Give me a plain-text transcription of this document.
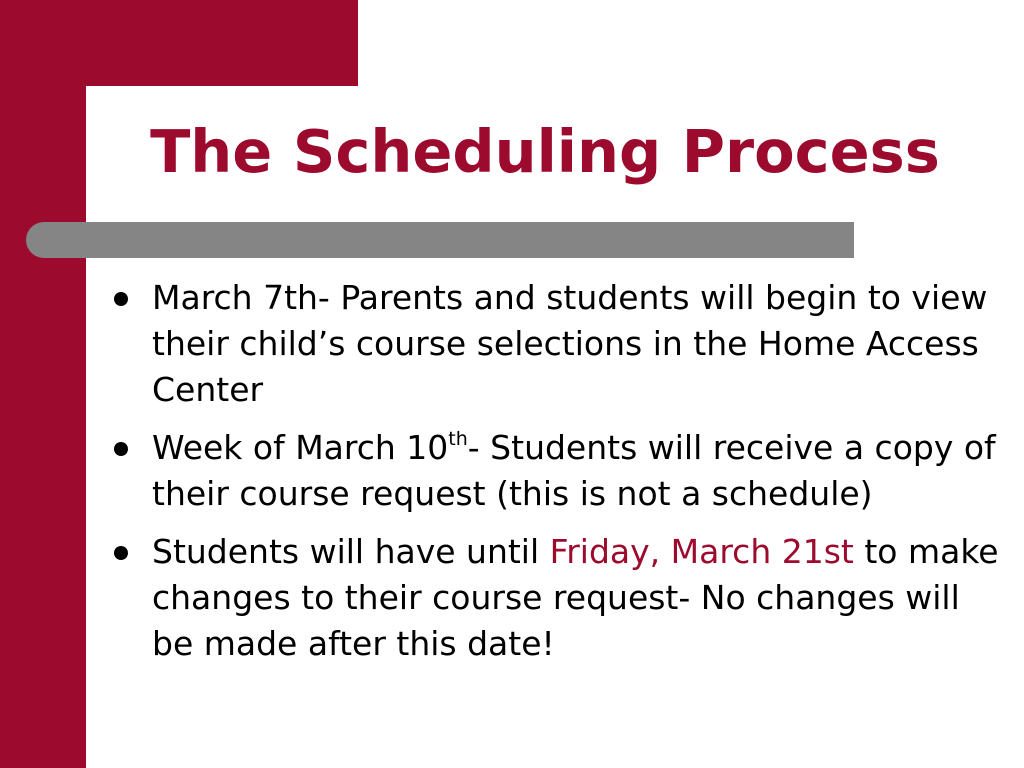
The Scheduling Process
March 7th- Parents and students will begin to view their child’s course selections in the Home Access Center
Week of March 10th- Students will receive a copy of their course request (this is not a schedule)
Students will have until Friday, March 21st to make changes to their course request- No changes will be made after this date!
